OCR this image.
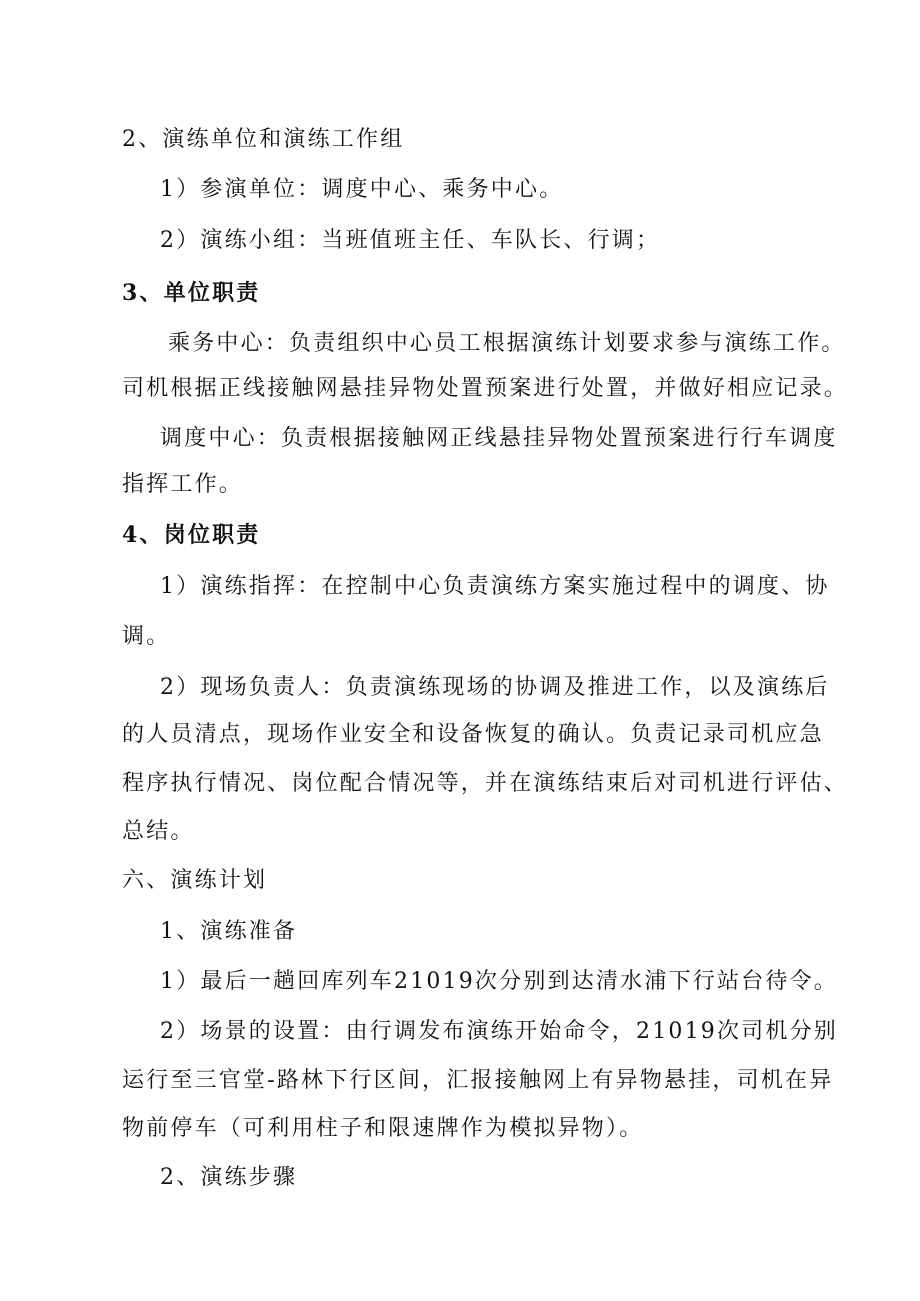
2、演练单位和演练工作组

1）参演单位：调度中心、乘务中心。

2）演练小组：当班值班主任、车队长、行调；

3、单位职责

乘务中心：负责组织中心员工根据演练计划要求参与演练工作。

司机根据正线接触网悬挂异物处置预案进行处置，并做好相应记录。

调度中心：负责根据接触网正线悬挂异物处置预案进行行车调度

指挥工作。

4、岗位职责

1）演练指挥：在控制中心负责演练方案实施过程中的调度、协

调。

2）现场负责人：负责演练现场的协调及推进工作，以及演练后

的人员清点，现场作业安全和设备恢复的确认。负责记录司机应急

程序执行情况、岗位配合情况等，并在演练结束后对司机进行评估、

总结。

六、演练计划

1、演练准备

1）最后一趟回库列车21019次分别到达清水浦下行站台待令。

2）场景的设置：由行调发布演练开始命令，21019次司机分别

运行至三官堂-路林下行区间，汇报接触网上有异物悬挂，司机在异

物前停车（可利用柱子和限速牌作为模拟异物）。

2、演练步骤
